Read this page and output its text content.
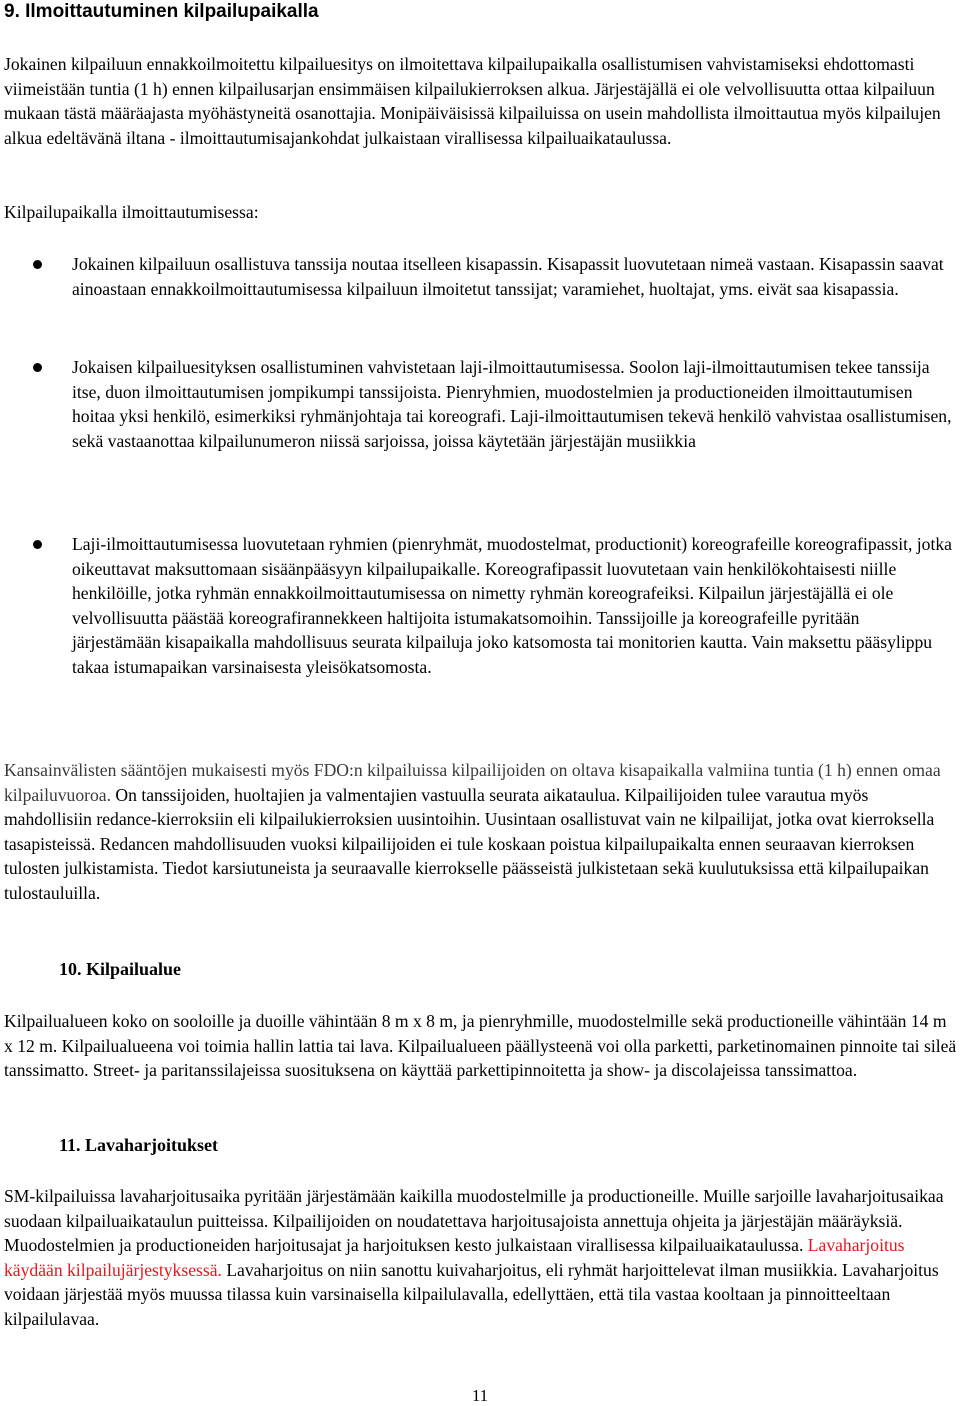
9. Ilmoittautuminen kilpailupaikalla

Jokainen kilpailuun ennakkoilmoitettu kilpailuesitys on ilmoitettava kilpailupaikalla osallistumisen vahvistamiseksi ehdottomasti viimeistään tuntia (1 h) ennen kilpailusarjan ensimmäisen kilpailukierroksen alkua. Järjestäjällä ei ole velvollisuutta ottaa kilpailuun mukaan tästä määräajasta myöhästyneitä osanottajia. Monipäiväisissä kilpailuissa on usein mahdollista ilmoittautua myös kilpailujen alkua edeltävänä iltana - ilmoittautumisajankohdat julkaistaan virallisessa kilpailuaikataulussa.

Kilpailupaikalla ilmoittautumisessa:

Jokainen kilpailuun osallistuva tanssija noutaa itselleen kisapassin. Kisapassit luovutetaan nimeä vastaan. Kisapassin saavat ainoastaan ennakkoilmoittautumisessa kilpailuun ilmoitetut tanssijat; varamiehet, huoltajat, yms. eivät saa kisapassia.

Jokaisen kilpailuesityksen osallistuminen vahvistetaan laji-ilmoittautumisessa. Soolon laji-ilmoittautumisen tekee tanssija itse, duon ilmoittautumisen jompikumpi tanssijoista. Pienryhmien, muodostelmien ja productioneiden ilmoittautumisen hoitaa yksi henkilö, esimerkiksi ryhmänjohtaja tai koreografi. Laji-ilmoittautumisen tekevä henkilö vahvistaa osallistumisen, sekä vastaanottaa kilpailunumeron niissä sarjoissa, joissa käytetään järjestäjän musiikkia

Laji-ilmoittautumisessa luovutetaan ryhmien (pienryhmät, muodostelmat, productionit) koreografeille koreografipassit, jotka oikeuttavat maksuttomaan sisäänpääsyyn kilpailupaikalle. Koreografipassit luovutetaan vain henkilökohtaisesti niille henkilöille, jotka ryhmän ennakkoilmoittautumisessa on nimetty ryhmän koreografeiksi. Kilpailun järjestäjällä ei ole velvollisuutta päästää koreografirannekkeen haltijoita istumakatsomoihin. Tanssijoille ja koreografeille pyritään järjestämään kisapaikalla mahdollisuus seurata kilpailuja joko katsomosta tai monitorien kautta. Vain maksettu pääsylippu takaa istumapaikan varsinaisesta yleisökatsomosta.

Kansainvälisten sääntöjen mukaisesti myös FDO:n kilpailuissa kilpailijoiden on oltava kisapaikalla valmiina tuntia (1 h) ennen omaa kilpailuvuoroa. On tanssijoiden, huoltajien ja valmentajien vastuulla seurata aikataulua. Kilpailijoiden tulee varautua myös mahdollisiin redance-kierroksiin eli kilpailukierroksien uusintoihin. Uusintaan osallistuvat vain ne kilpailijat, jotka ovat kierroksella tasapisteissä. Redancen mahdollisuuden vuoksi kilpailijoiden ei tule koskaan poistua kilpailupaikalta ennen seuraavan kierroksen tulosten julkistamista. Tiedot karsiutuneista ja seuraavalle kierrokselle päässeistä julkistetaan sekä kuulutuksissa että kilpailupaikan tulostauluilla.

10. Kilpailualue

Kilpailualueen koko on sooloille ja duoille vähintään 8 m x 8 m, ja pienryhmille, muodostelmille sekä productioneille vähintään 14 m x 12 m. Kilpailualueena voi toimia hallin lattia tai lava. Kilpailualueen päällysteenä voi olla parketti, parketinomainen pinnoite tai sileä tanssimatto. Street- ja paritanssilajeissa suosituksena on käyttää parkettipinnoitetta ja show- ja discolajeissa tanssimattoa.

11. Lavaharjoitukset

SM-kilpailuissa lavaharjoitusaika pyritään järjestämään kaikilla muodostelmille ja productioneille. Muille sarjoille lavaharjoitusaikaa suodaan kilpailuaikataulun puitteissa. Kilpailijoiden on noudatettava harjoitusajoista annettuja ohjeita ja järjestäjän määräyksiä. Muodostelmien ja productioneiden harjoitusajat ja harjoituksen kesto julkaistaan virallisessa kilpailuaikataulussa. Lavaharjoitus käydään kilpailujärjestyksessä. Lavaharjoitus on niin sanottu kuivaharjoitus, eli ryhmät harjoittelevat ilman musiikkia. Lavaharjoitus voidaan järjestää myös muussa tilassa kuin varsinaisella kilpailulavalla, edellyttäen, että tila vastaa kooltaan ja pinnoitteeltaan kilpailulavaa.

11
